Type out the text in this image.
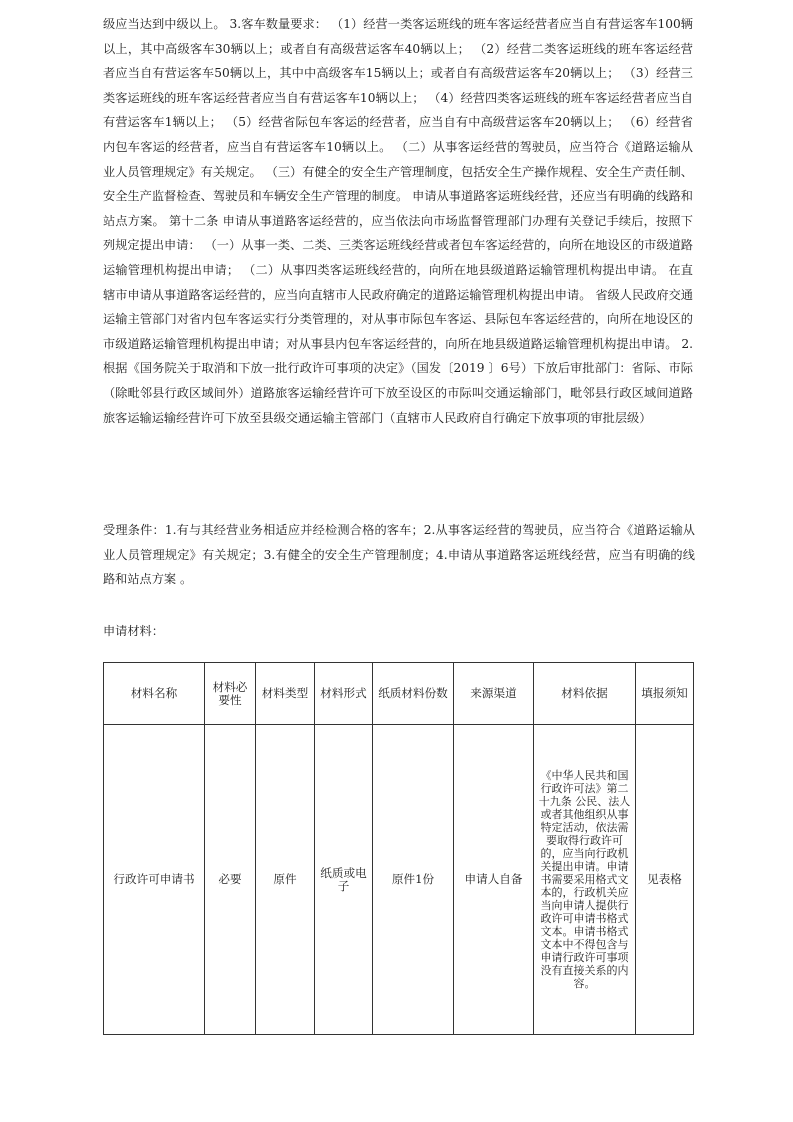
级应当达到中级以上。 3.客车数量要求： （1）经营一类客运班线的班车客运经营者应当自有营运客车100辆以上，其中高级客车30辆以上；或者自有高级营运客车40辆以上； （2）经营二类客运班线的班车客运经营者应当自有营运客车50辆以上，其中中高级客车15辆以上；或者自有高级营运客车20辆以上； （3）经营三类客运班线的班车客运经营者应当自有营运客车10辆以上； （4）经营四类客运班线的班车客运经营者应当自有营运客车1辆以上； （5）经营省际包车客运的经营者，应当自有中高级营运客车20辆以上； （6）经营省内包车客运的经营者，应当自有营运客车10辆以上。 （二）从事客运经营的驾驶员，应当符合《道路运输从业人员管理规定》有关规定。 （三）有健全的安全生产管理制度，包括安全生产操作规程、安全生产责任制、安全生产监督检查、驾驶员和车辆安全生产管理的制度。 申请从事道路客运班线经营，还应当有明确的线路和站点方案。 第十二条 申请从事道路客运经营的，应当依法向市场监督管理部门办理有关登记手续后，按照下列规定提出申请： （一）从事一类、二类、三类客运班线经营或者包车客运经营的，向所在地设区的市级道路运输管理机构提出申请； （二）从事四类客运班线经营的，向所在地县级道路运输管理机构提出申请。 在直辖市申请从事道路客运经营的，应当向直辖市人民政府确定的道路运输管理机构提出申请。 省级人民政府交通运输主管部门对省内包车客运实行分类管理的，对从事市际包车客运、县际包车客运经营的，向所在地设区的市级道路运输管理机构提出申请；对从事县内包车客运经营的，向所在地县级道路运输管理机构提出申请。 2.根据《国务院关于取消和下放一批行政许可事项的决定》（国发〔2019 〕6号）下放后审批部门：省际、市际（除毗邻县行政区域间外）道路旅客运输经营许可下放至设区的市际叫交通运输部门，毗邻县行政区域间道路旅客运输运输经营许可下放至县级交通运输主管部门（直辖市人民政府自行确定下放事项的审批层级）
受理条件：1.有与其经营业务相适应并经检测合格的客车；2.从事客运经营的驾驶员，应当符合《道路运输从业人员管理规定》有关规定；3.有健全的安全生产管理制度；4.申请从事道路客运班线经营，应当有明确的线路和站点方案 。
申请材料：
材料名称	材料必要性	材料类型	材料形式	纸质材料份数	来源渠道	材料依据	填报须知
行政许可申请书	必要	原件	纸质或电子	原件1份	申请人自备	《中华人民共和国行政许可法》第二十九条 公民、法人或者其他组织从事特定活动，依法需要取得行政许可的，应当向行政机关提出申请。申请书需要采用格式文本的，行政机关应当向申请人提供行政许可申请书格式文本。申请书格式文本中不得包含与申请行政许可事项没有直接关系的内容。	见表格
